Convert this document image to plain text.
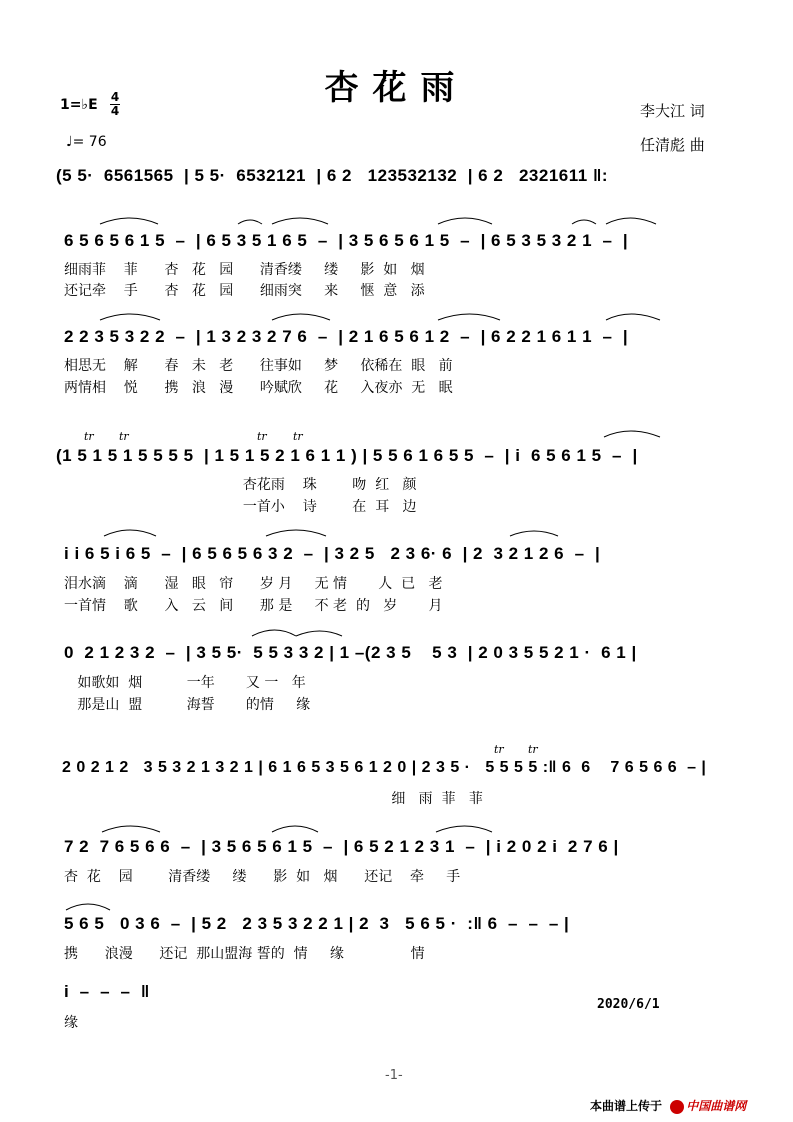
杏花雨
1=♭E 4
4
♩= 76
李大江 词
任清彪 曲
(5 5·  6561565  | 5 5·  6532121  | 6 2   123532132  | 6 2   2321611 ‖:
6 5 6 5 6 1 5  –  | 6 5 3 5 1 6 5  –  | 3 5 6 5 6 1 5  –  | 6 5 3 5 3 2 1  –  |
细雨菲    菲      杏   花   园      清香缕     缕     影  如   烟
还记牵    手      杏   花   园      细雨突     来     惬  意   添
2 2 3 5 3 2 2  –  | 1 3 2 3 2 7 6  –  | 2 1 6 5 6 1 2  –  | 6 2 2 1 6 1 1  –  |
相思无    解      春   未   老      往事如     梦     依稀在  眼   前
两情相    悦      携   浪   漫      吟赋欣     花     入夜亦  无   眠
(1 5 1 5 1 5 5 5 5  | 1 5 1 5 2 1 6 1 1 ) | 5 5 6 1 6 5 5  –  | i  6 5 6 1 5  –  |
杏花雨    珠        吻  红   颜
一首小    诗        在  耳   边
i i 6 5 i 6 5  –  | 6 5 6 5 6 3 2  –  | 3 2 5   2 3 6· 6  | 2  3 2 1 2 6  –  |
泪水滴    滴      湿   眼   帘      岁 月     无 情       人  已   老
一首情    歌      入   云   间      那 是     不 老  的   岁       月
0  2 1 2 3 2  –  | 3 5 5·  5 5 3 3 2 | 1 –(2 3 5    5 3  | 2 0 3 5 5 2 1 ·  6 1 |
如歌如  烟          一年       又 一   年
那是山  盟          海誓       的情     缘
2 0 2 1 2   3 5 3 2 1 3 2 1 | 6 1 6 5 3 5 6 1 2 0 | 2 3 5 ·   5 5 5 5 :‖ 6  6    7 6 5 6 6  – |
细   雨  菲   菲
7 2  7 6 5 6 6  –  | 3 5 6 5 6 1 5  –  | 6 5 2 1 2 3 1  –  | i 2 0 2 i  2 7 6 |
杏  花    园        清香缕     缕      影  如   烟      还记    牵     手
5 6 5   0 3 6  –  | 5 2   2 3 5 3 2 2 1 | 2  3   5 6 5 ·  :‖ 6  –  –  – |
携      浪漫      还记  那山盟海 誓的  情     缘               情
i  –  –  –  ‖
缘
tr tr	tr tr
tr tr
2020/6/1
-1-
本曲谱上传于 中国曲谱网
